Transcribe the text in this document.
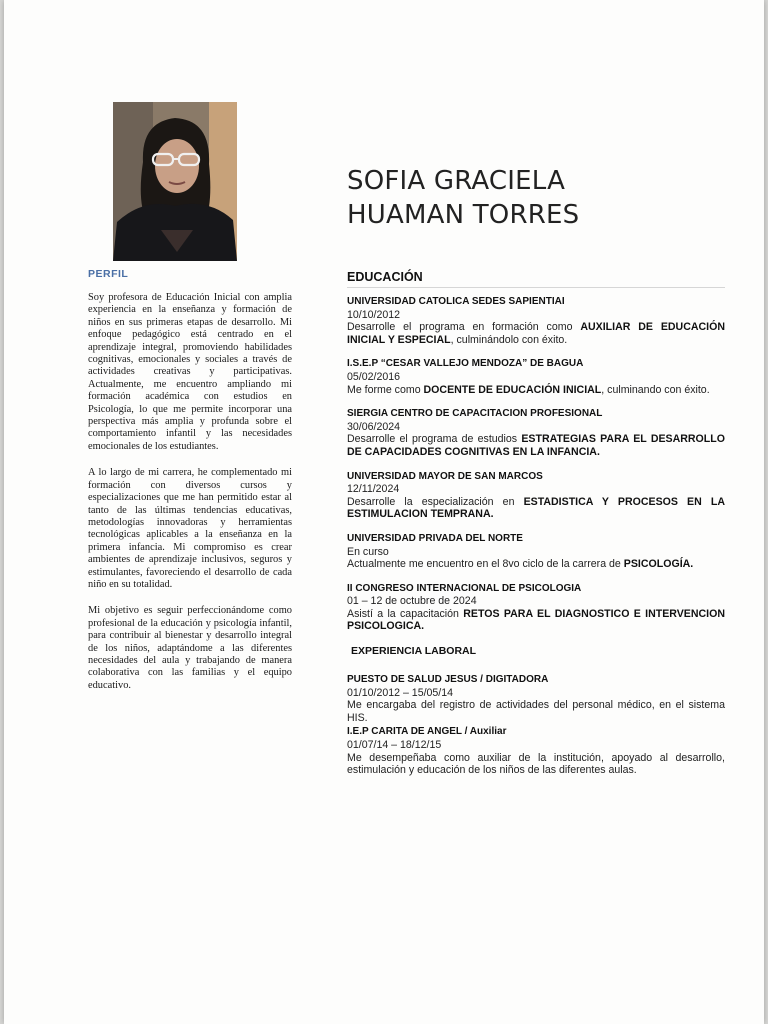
PERFIL

Soy profesora de Educación Inicial con amplia experiencia en la enseñanza y formación de niños en sus primeras etapas de desarrollo. Mi enfoque pedagógico está centrado en el aprendizaje integral, promoviendo habilidades cognitivas, emocionales y sociales a través de actividades creativas y participativas. Actualmente, me encuentro ampliando mi formación académica con estudios en Psicología, lo que me permite incorporar una perspectiva más amplia y profunda sobre el comportamiento infantil y las necesidades emocionales de los estudiantes.

A lo largo de mi carrera, he complementado mi formación con diversos cursos y especializaciones que me han permitido estar al tanto de las últimas tendencias educativas, metodologías innovadoras y herramientas tecnológicas aplicables a la enseñanza en la primera infancia. Mi compromiso es crear ambientes de aprendizaje inclusivos, seguros y estimulantes, favoreciendo el desarrollo de cada niño en su totalidad.

Mi objetivo es seguir perfeccionándome como profesional de la educación y psicología infantil, para contribuir al bienestar y desarrollo integral de los niños, adaptándome a las diferentes necesidades del aula y trabajando de manera colaborativa con las familias y el equipo educativo.

SOFIA GRACIELA
HUAMAN TORRES
EDUCACIÓN
UNIVERSIDAD CATOLICA SEDES SAPIENTIAI
10/10/2012
Desarrolle el programa en formación como AUXILIAR DE EDUCACIÓN INICIAL Y ESPECIAL, culminándolo con éxito.
I.S.E.P “CESAR VALLEJO MENDOZA” DE BAGUA
05/02/2016
Me forme como DOCENTE DE EDUCACIÓN INICIAL, culminando con éxito.
SIERGIA CENTRO DE CAPACITACION PROFESIONAL
30/06/2024
Desarrolle el programa de estudios ESTRATEGIAS PARA EL DESARROLLO DE CAPACIDADES COGNITIVAS EN LA INFANCIA.
UNIVERSIDAD MAYOR DE SAN MARCOS
12/11/2024
Desarrolle la especialización en ESTADISTICA Y PROCESOS EN LA ESTIMULACION TEMPRANA.
UNIVERSIDAD PRIVADA DEL NORTE
En curso
Actualmente me encuentro en el 8vo ciclo de la carrera de PSICOLOGÍA.
II CONGRESO INTERNACIONAL DE PSICOLOGIA
01 – 12 de octubre de 2024
Asistí a la capacitación RETOS PARA EL DIAGNOSTICO E INTERVENCION PSICOLOGICA.
EXPERIENCIA LABORAL
PUESTO DE SALUD JESUS / DIGITADORA
01/10/2012 – 15/05/14
Me encargaba del registro de actividades del personal médico, en el sistema HIS.
I.E.P CARITA DE ANGEL / Auxiliar
01/07/14 – 18/12/15
Me desempeñaba como auxiliar de la institución, apoyado al desarrollo, estimulación y educación de los niños de las diferentes aulas.
